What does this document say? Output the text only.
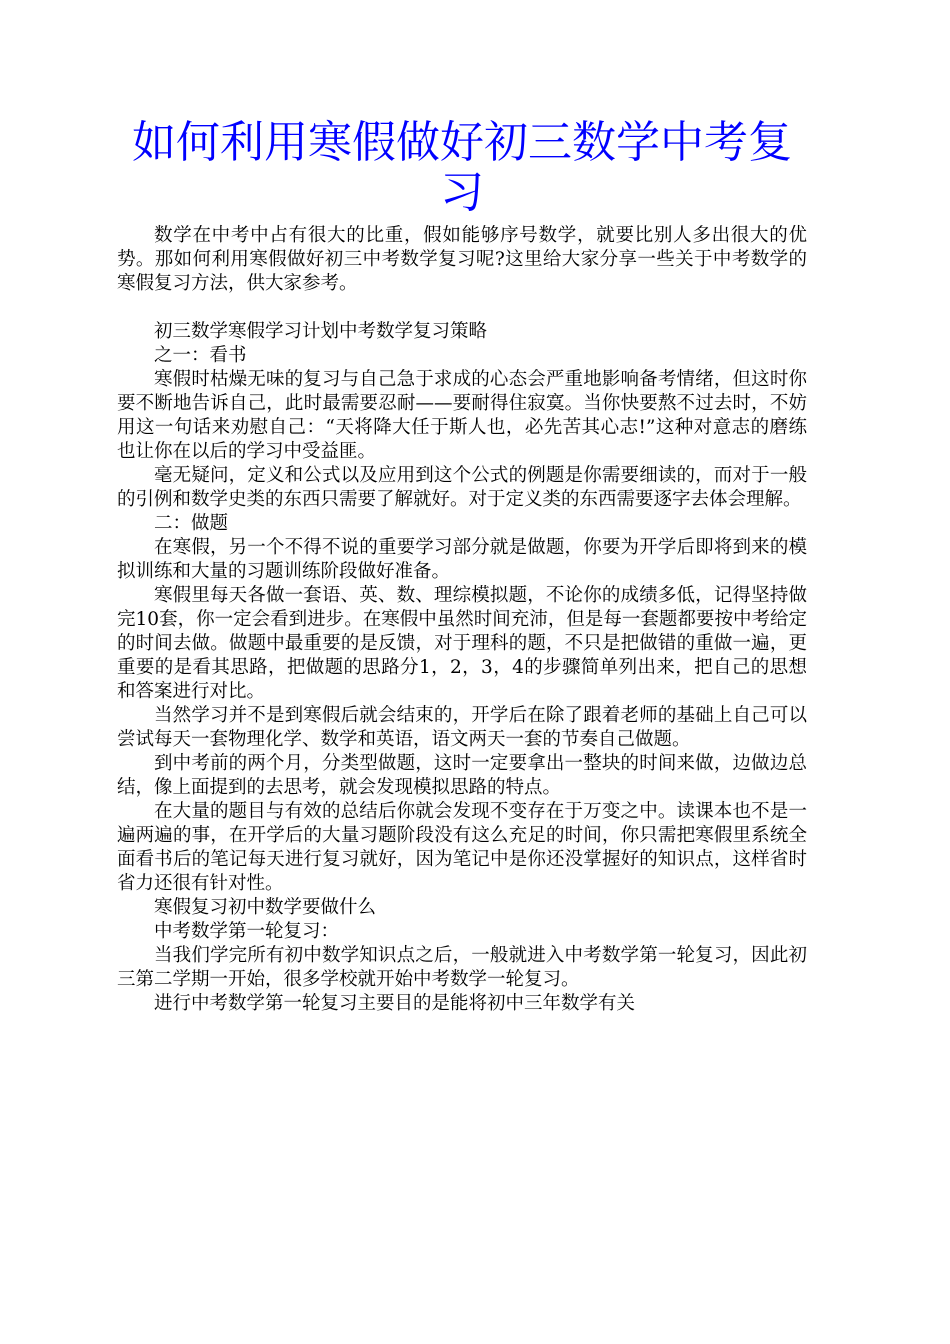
如何利用寒假做好初三数学中考复习

数学在中考中占有很大的比重，假如能够序号数学，就要比别人多出很大的优势。那如何利用寒假做好初三中考数学复习呢?这里给大家分享一些关于中考数学的寒假复习方法，供大家参考。

初三数学寒假学习计划中考数学复习策略

之一：看书

寒假时枯燥无味的复习与自己急于求成的心态会严重地影响备考情绪，但这时你要不断地告诉自己，此时最需要忍耐——要耐得住寂寞。当你快要熬不过去时，不妨用这一句话来劝慰自己：“天将降大任于斯人也，必先苦其心志!”这种对意志的磨练也让你在以后的学习中受益匪。

毫无疑问，定义和公式以及应用到这个公式的例题是你需要细读的，而对于一般的引例和数学史类的东西只需要了解就好。对于定义类的东西需要逐字去体会理解。

二：做题

在寒假，另一个不得不说的重要学习部分就是做题，你要为开学后即将到来的模拟训练和大量的习题训练阶段做好准备。

寒假里每天各做一套语、英、数、理综模拟题，不论你的成绩多低，记得坚持做完10套，你一定会看到进步。在寒假中虽然时间充沛，但是每一套题都要按中考给定的时间去做。做题中最重要的是反馈，对于理科的题，不只是把做错的重做一遍，更重要的是看其思路，把做题的思路分1，2，3，4的步骤简单列出来，把自己的思想和答案进行对比。

当然学习并不是到寒假后就会结束的，开学后在除了跟着老师的基础上自己可以尝试每天一套物理化学、数学和英语，语文两天一套的节奏自己做题。

到中考前的两个月，分类型做题，这时一定要拿出一整块的时间来做，边做边总结，像上面提到的去思考，就会发现模拟思路的特点。

在大量的题目与有效的总结后你就会发现不变存在于万变之中。读课本也不是一遍两遍的事，在开学后的大量习题阶段没有这么充足的时间，你只需把寒假里系统全面看书后的笔记每天进行复习就好，因为笔记中是你还没掌握好的知识点，这样省时省力还很有针对性。

寒假复习初中数学要做什么

中考数学第一轮复习：

当我们学完所有初中数学知识点之后，一般就进入中考数学第一轮复习，因此初三第二学期一开始，很多学校就开始中考数学一轮复习。

进行中考数学第一轮复习主要目的是能将初中三年数学有关
